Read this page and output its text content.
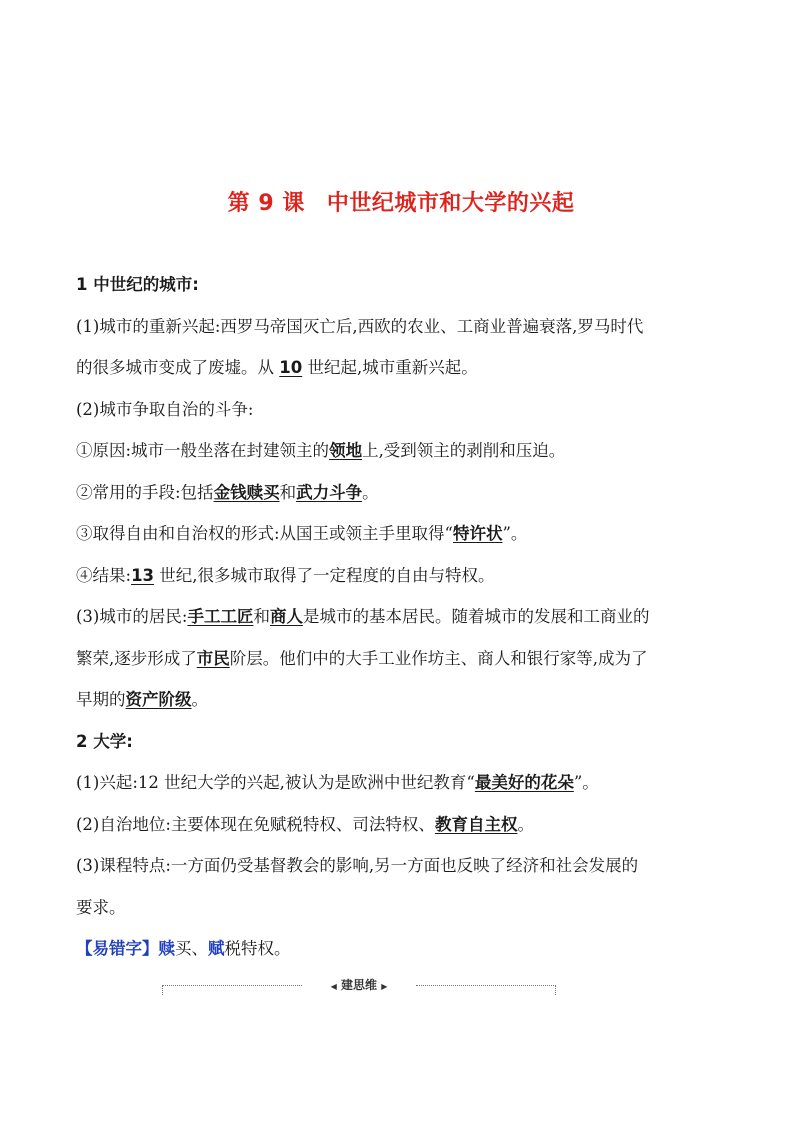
第 9 课 中世纪城市和大学的兴起
1 中世纪的城市:
(1)城市的重新兴起:西罗马帝国灭亡后,西欧的农业、工商业普遍衰落,罗马时代
的很多城市变成了废墟。从 10 世纪起,城市重新兴起。
(2)城市争取自治的斗争:
①原因:城市一般坐落在封建领主的领地上,受到领主的剥削和压迫。
②常用的手段:包括金钱赎买和武力斗争。
③取得自由和自治权的形式:从国王或领主手里取得“特许状”。
④结果:13 世纪,很多城市取得了一定程度的自由与特权。
(3)城市的居民:手工工匠和商人是城市的基本居民。随着城市的发展和工商业的
繁荣,逐步形成了市民阶层。他们中的大手工业作坊主、商人和银行家等,成为了
早期的资产阶级。
2 大学:
(1)兴起:12 世纪大学的兴起,被认为是欧洲中世纪教育“最美好的花朵”。
(2)自治地位:主要体现在免赋税特权、司法特权、教育自主权。
(3)课程特点:一方面仍受基督教会的影响,另一方面也反映了经济和社会发展的
要求。
【易错字】赎买、赋税特权。
◀ 建思维 ▶
